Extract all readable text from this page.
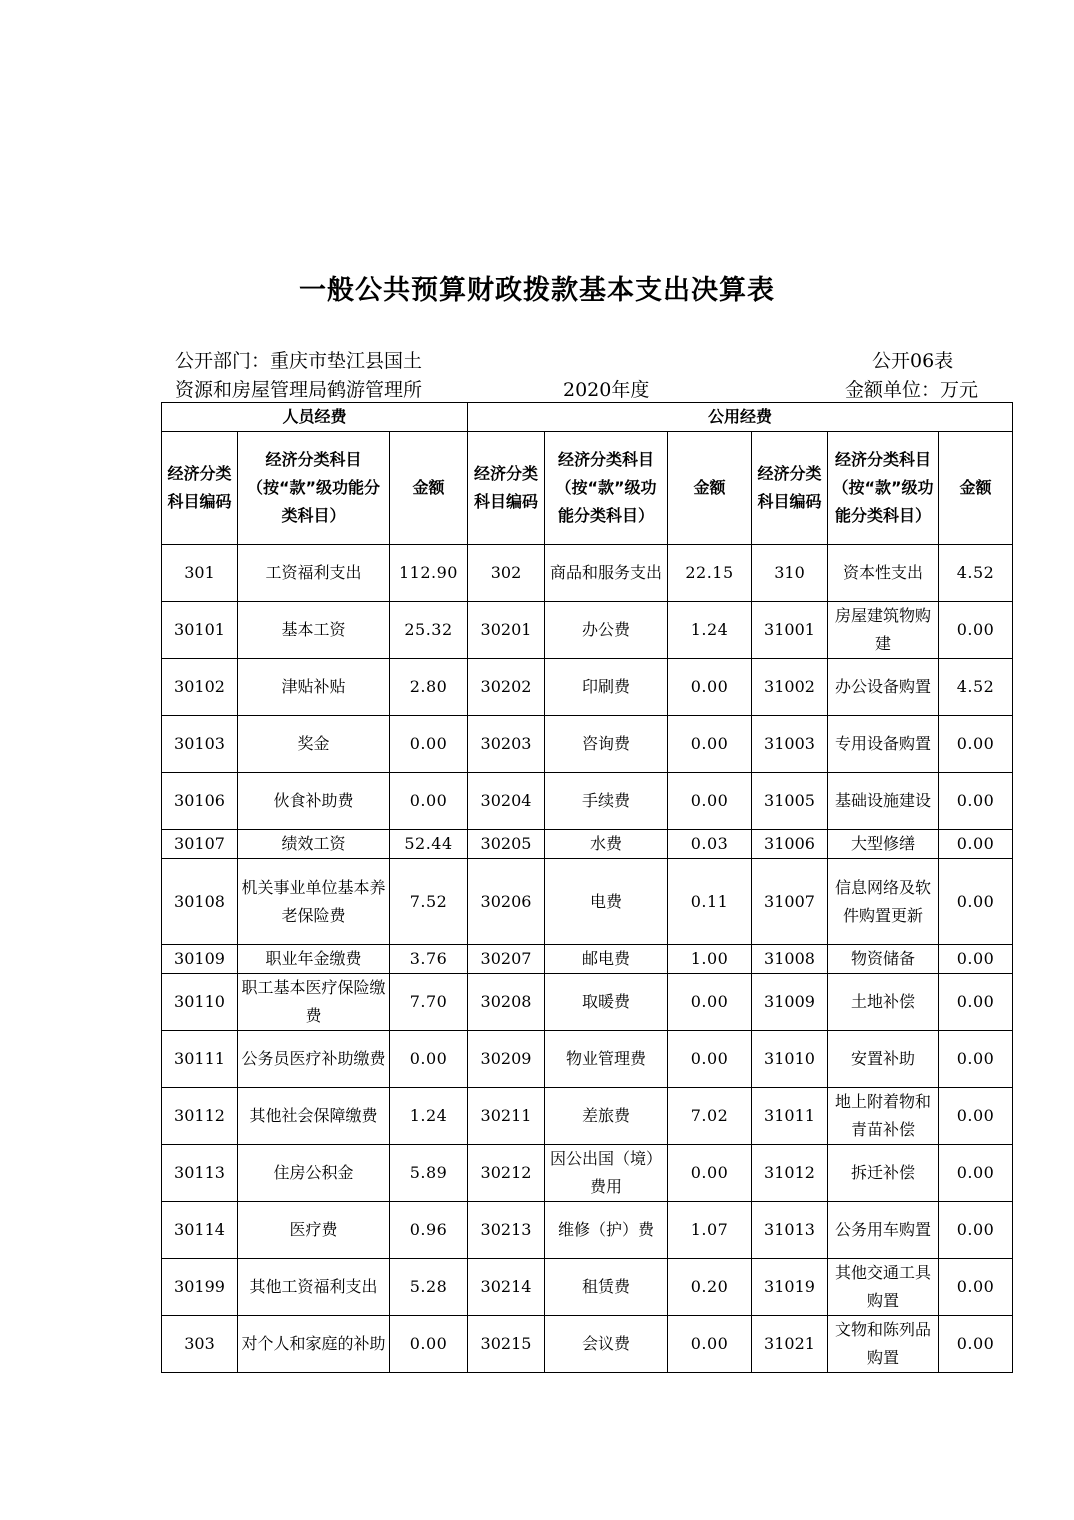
一般公共预算财政拨款基本支出决算表
公开部门：重庆市垫江县国土
资源和房屋管理局鹤游管理所
公开06表
2020年度	金额单位：万元
人员经费			公用经费					
经济分类科目编码	经济分类科目（按“款”级功能分类科目）	金额	经济分类科目编码	经济分类科目（按“款”级功能分类科目）	金额	经济分类科目编码	经济分类科目（按“款”级功能分类科目）	金额
301	工资福利支出	112.90	302	商品和服务支出	22.15	310	资本性支出	4.52
30101	基本工资	25.32	30201	办公费	1.24	31001	房屋建筑物购建	0.00
30102	津贴补贴	2.80	30202	印刷费	0.00	31002	办公设备购置	4.52
30103	奖金	0.00	30203	咨询费	0.00	31003	专用设备购置	0.00
30106	伙食补助费	0.00	30204	手续费	0.00	31005	基础设施建设	0.00
30107	绩效工资	52.44	30205	水费	0.03	31006	大型修缮	0.00
30108	机关事业单位基本养老保险费	7.52	30206	电费	0.11	31007	信息网络及软件购置更新	0.00
30109	职业年金缴费	3.76	30207	邮电费	1.00	31008	物资储备	0.00
30110	职工基本医疗保险缴费	7.70	30208	取暖费	0.00	31009	土地补偿	0.00
30111	公务员医疗补助缴费	0.00	30209	物业管理费	0.00	31010	安置补助	0.00
30112	其他社会保障缴费	1.24	30211	差旅费	7.02	31011	地上附着物和青苗补偿	0.00
30113	住房公积金	5.89	30212	因公出国（境）费用	0.00	31012	拆迁补偿	0.00
30114	医疗费	0.96	30213	维修（护）费	1.07	31013	公务用车购置	0.00
30199	其他工资福利支出	5.28	30214	租赁费	0.20	31019	其他交通工具购置	0.00
303	对个人和家庭的补助	0.00	30215	会议费	0.00	31021	文物和陈列品购置	0.00
